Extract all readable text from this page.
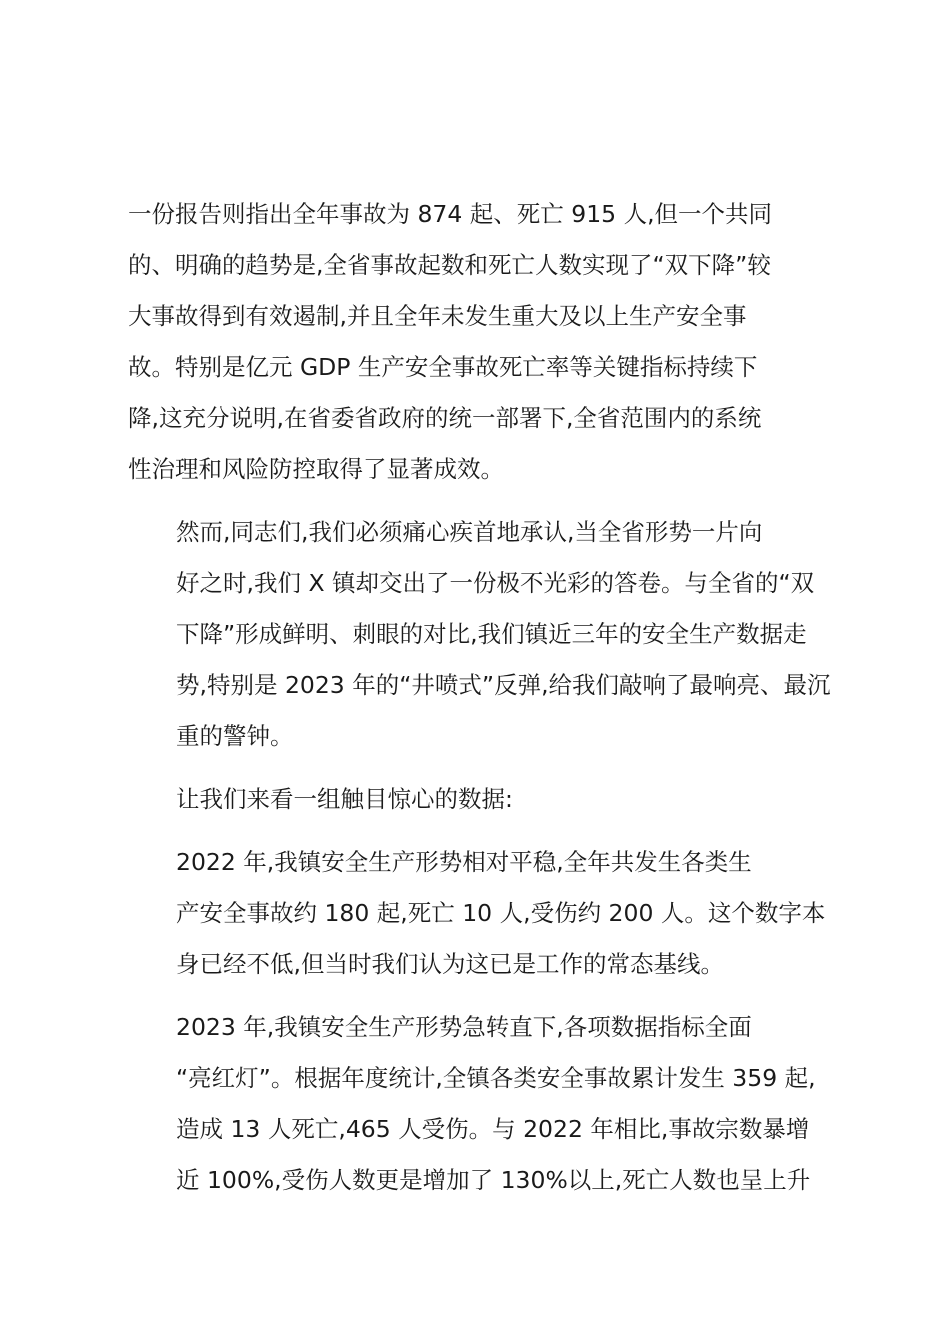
一份报告则指出全年事故为 874 起、死亡 915 人,但一个共同
的、明确的趋势是,全省事故起数和死亡人数实现了“双下降”较
大事故得到有效遏制,并且全年未发生重大及以上生产安全事
故。特别是亿元 GDP 生产安全事故死亡率等关键指标持续下
降,这充分说明,在省委省政府的统一部署下,全省范围内的系统
性治理和风险防控取得了显著成效。

然而,同志们,我们必须痛心疾首地承认,当全省形势一片向
好之时,我们 X 镇却交出了一份极不光彩的答卷。与全省的“双
下降”形成鲜明、刺眼的对比,我们镇近三年的安全生产数据走
势,特别是 2023 年的“井喷式”反弹,给我们敲响了最响亮、最沉
重的警钟。

让我们来看一组触目惊心的数据:

2022 年,我镇安全生产形势相对平稳,全年共发生各类生
产安全事故约 180 起,死亡 10 人,受伤约 200 人。这个数字本
身已经不低,但当时我们认为这已是工作的常态基线。

2023 年,我镇安全生产形势急转直下,各项数据指标全面
“亮红灯”。根据年度统计,全镇各类安全事故累计发生 359 起,
造成 13 人死亡,465 人受伤。与 2022 年相比,事故宗数暴增
近 100%,受伤人数更是增加了 130%以上,死亡人数也呈上升
